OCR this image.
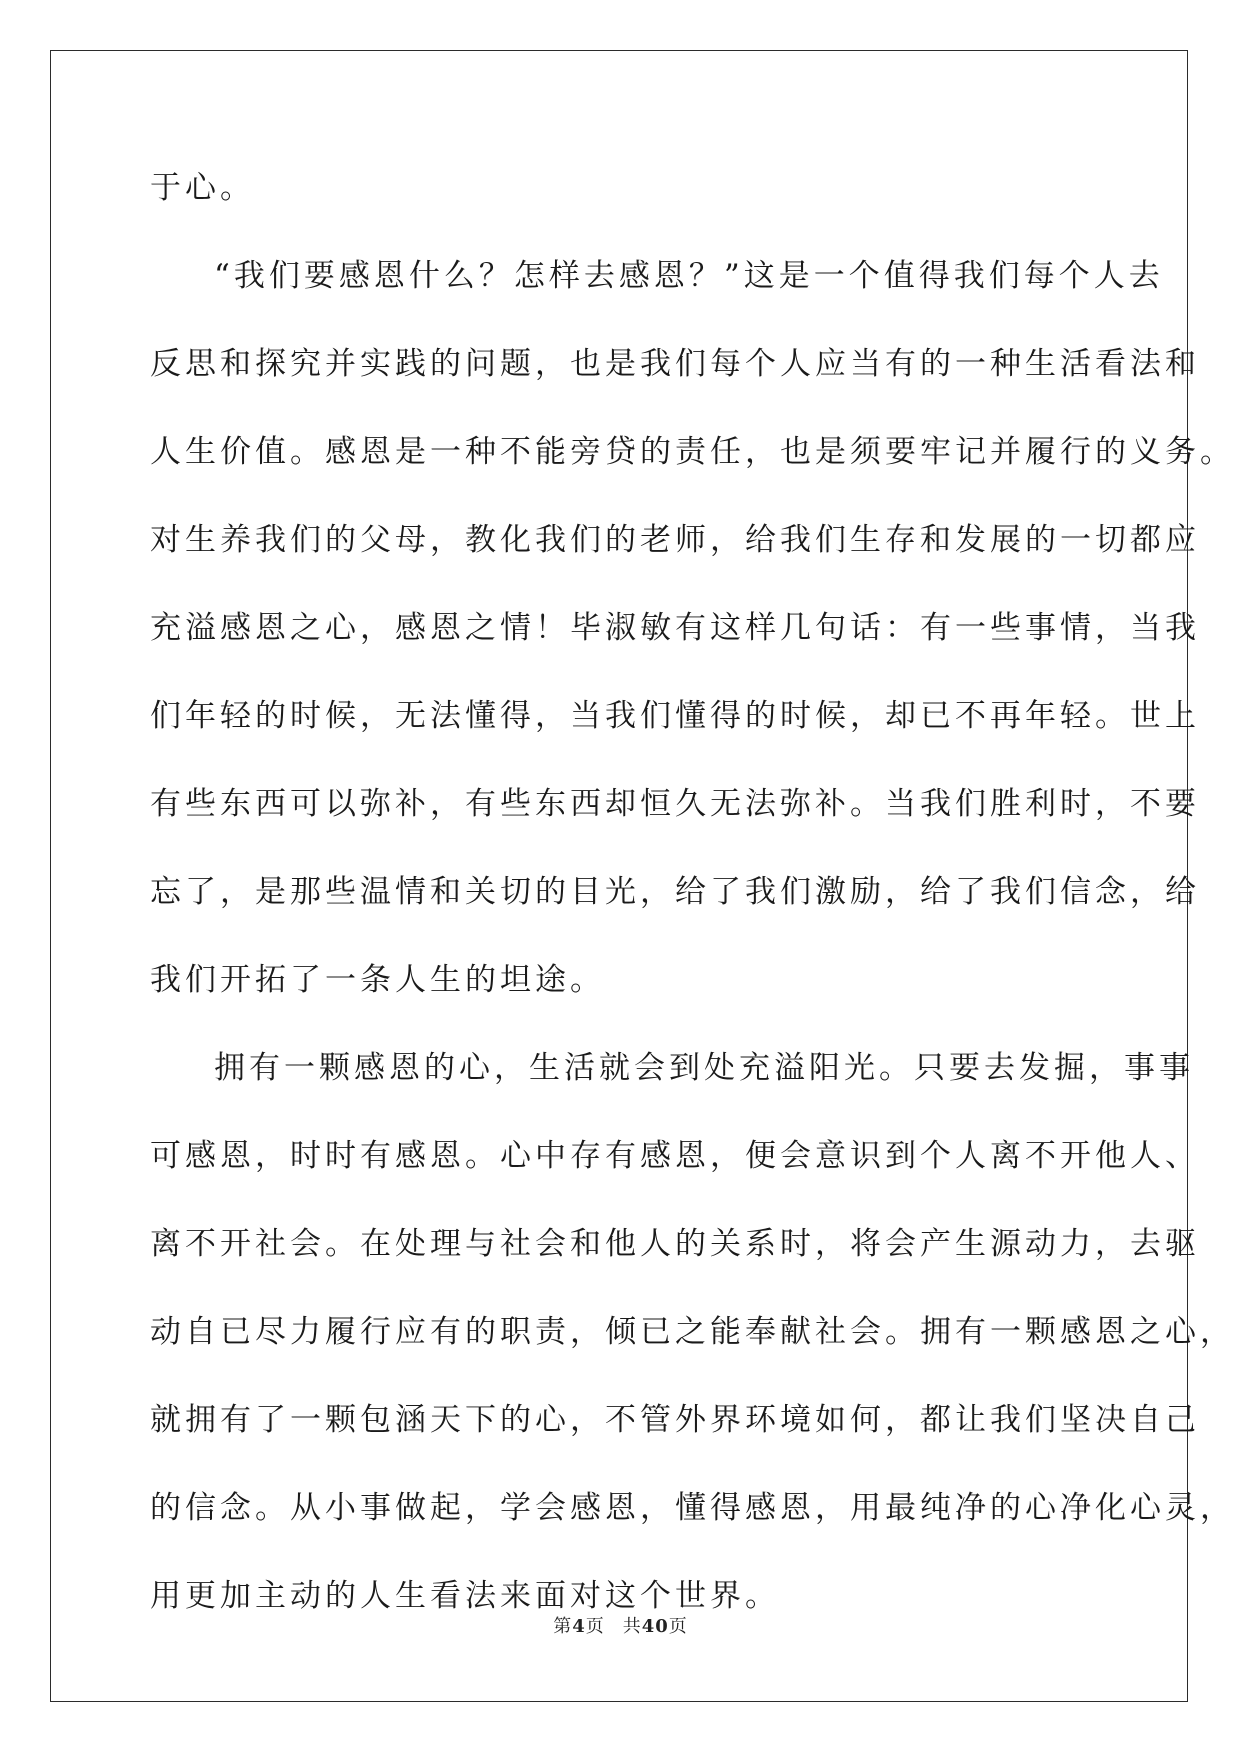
于心。
“我们要感恩什么？怎样去感恩？”这是一个值得我们每个人去
反思和探究并实践的问题，也是我们每个人应当有的一种生活看法和
人生价值。感恩是一种不能旁贷的责任，也是须要牢记并履行的义务。
对生养我们的父母，教化我们的老师，给我们生存和发展的一切都应
充溢感恩之心，感恩之情！毕淑敏有这样几句话：有一些事情，当我
们年轻的时候，无法懂得，当我们懂得的时候，却已不再年轻。世上
有些东西可以弥补，有些东西却恒久无法弥补。当我们胜利时，不要
忘了，是那些温情和关切的目光，给了我们激励，给了我们信念，给
我们开拓了一条人生的坦途。
拥有一颗感恩的心，生活就会到处充溢阳光。只要去发掘，事事
可感恩，时时有感恩。心中存有感恩，便会意识到个人离不开他人、
离不开社会。在处理与社会和他人的关系时，将会产生源动力，去驱
动自已尽力履行应有的职责，倾已之能奉献社会。拥有一颗感恩之心，
就拥有了一颗包涵天下的心，不管外界环境如何，都让我们坚决自己
的信念。从小事做起，学会感恩，懂得感恩，用最纯净的心净化心灵，
用更加主动的人生看法来面对这个世界。
第4页 共40页
